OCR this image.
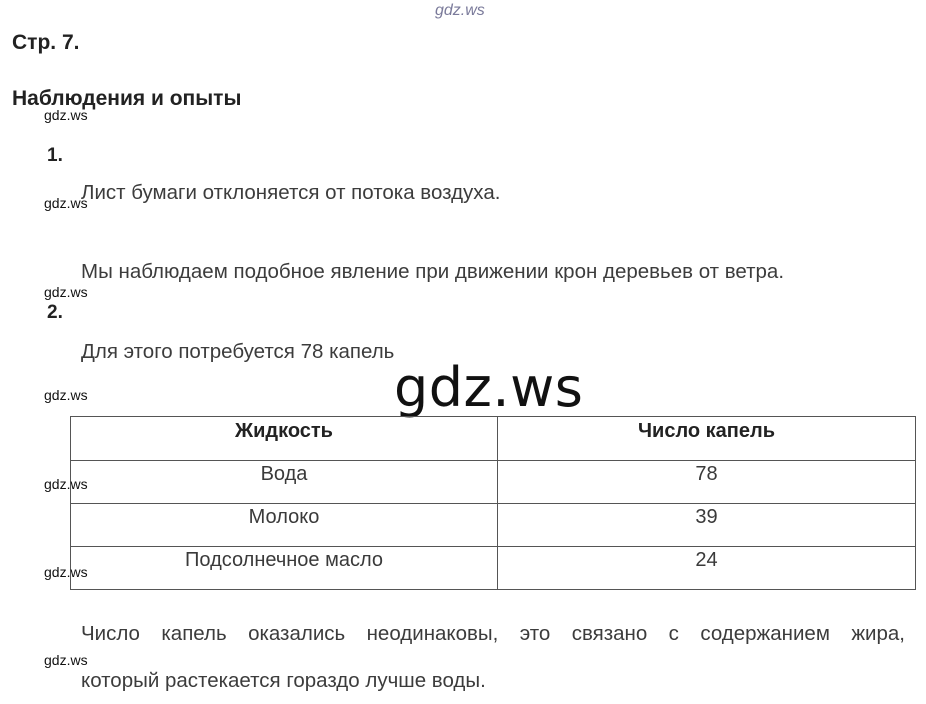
gdz.ws
Стр. 7.
Наблюдения и опыты
gdz.ws
1.
gdz.ws
Лист бумаги отклоняется от потока воздуха.
Мы наблюдаем подобное явление при движении крон деревьев от ветра.
gdz.ws
2.
Для этого потребуется 78 капель
gdz.ws
gdz.ws
Жидкость	Число капель
Вода	78
Молоко	39
Подсолнечное масло	24
gdz.ws
gdz.ws
Число капель оказались неодинаковы, это связано с содержанием жира,
gdz.ws
который растекается гораздо лучше воды.
